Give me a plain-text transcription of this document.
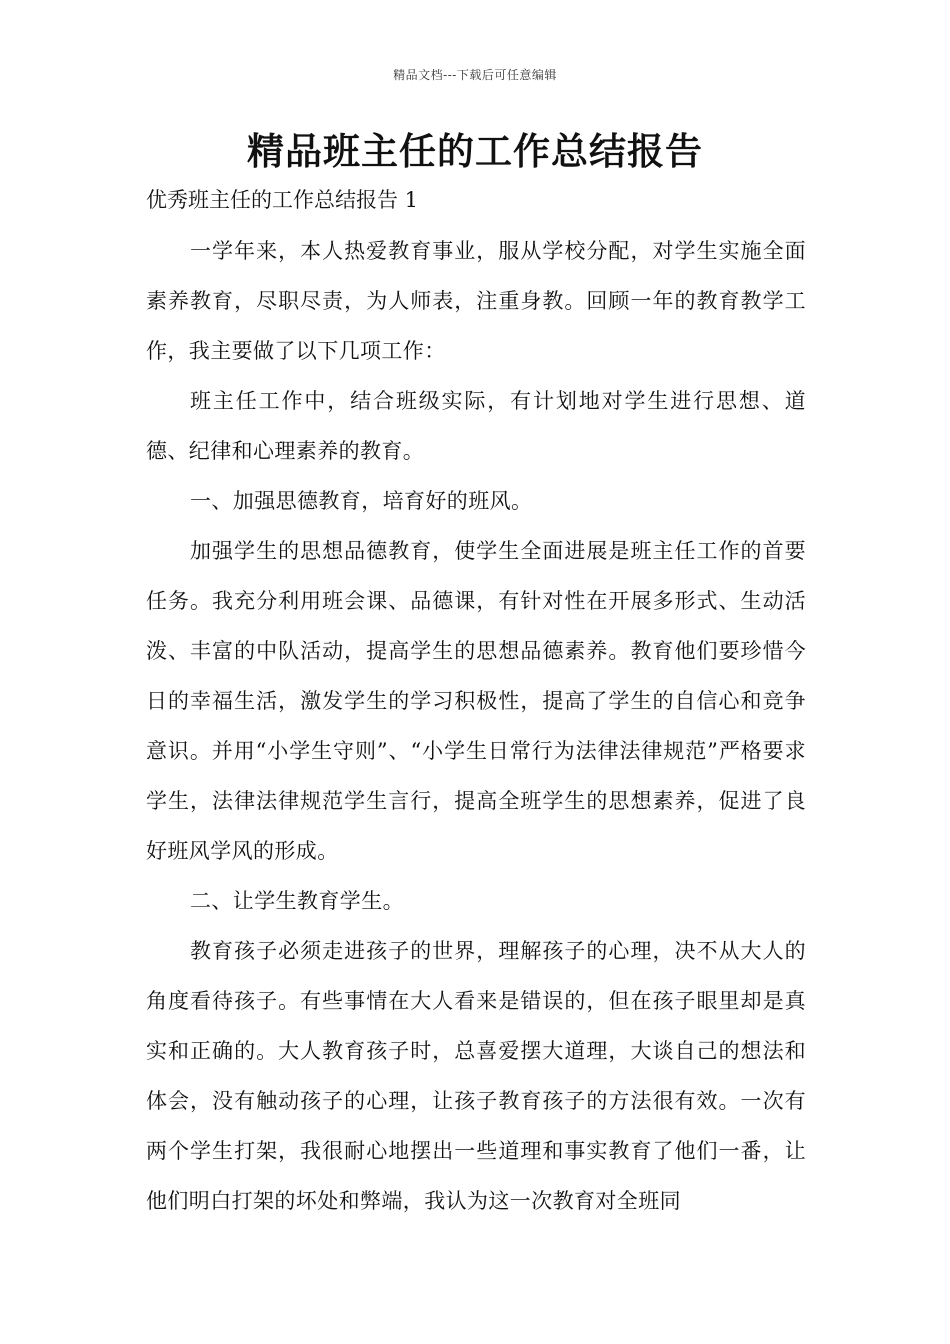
精品文档---下载后可任意编辑
精品班主任的工作总结报告

优秀班主任的工作总结报告 1

一学年来，本人热爱教育事业，服从学校分配，对学生实施全面素养教育，尽职尽责，为人师表，注重身教。回顾一年的教育教学工作，我主要做了以下几项工作：

班主任工作中，结合班级实际，有计划地对学生进行思想、道德、纪律和心理素养的教育。

一、加强思德教育，培育好的班风。

加强学生的思想品德教育，使学生全面进展是班主任工作的首要任务。我充分利用班会课、品德课，有针对性在开展多形式、生动活泼、丰富的中队活动，提高学生的思想品德素养。教育他们要珍惜今日的幸福生活，激发学生的学习积极性，提高了学生的自信心和竞争意识。并用“小学生守则”、“小学生日常行为法律法律规范”严格要求学生，法律法律规范学生言行，提高全班学生的思想素养，促进了良好班风学风的形成。

二、让学生教育学生。

教育孩子必须走进孩子的世界，理解孩子的心理，决不从大人的角度看待孩子。有些事情在大人看来是错误的，但在孩子眼里却是真实和正确的。大人教育孩子时，总喜爱摆大道理，大谈自己的想法和体会，没有触动孩子的心理，让孩子教育孩子的方法很有效。一次有两个学生打架，我很耐心地摆出一些道理和事实教育了他们一番，让他们明白打架的坏处和弊端，我认为这一次教育对全班同
